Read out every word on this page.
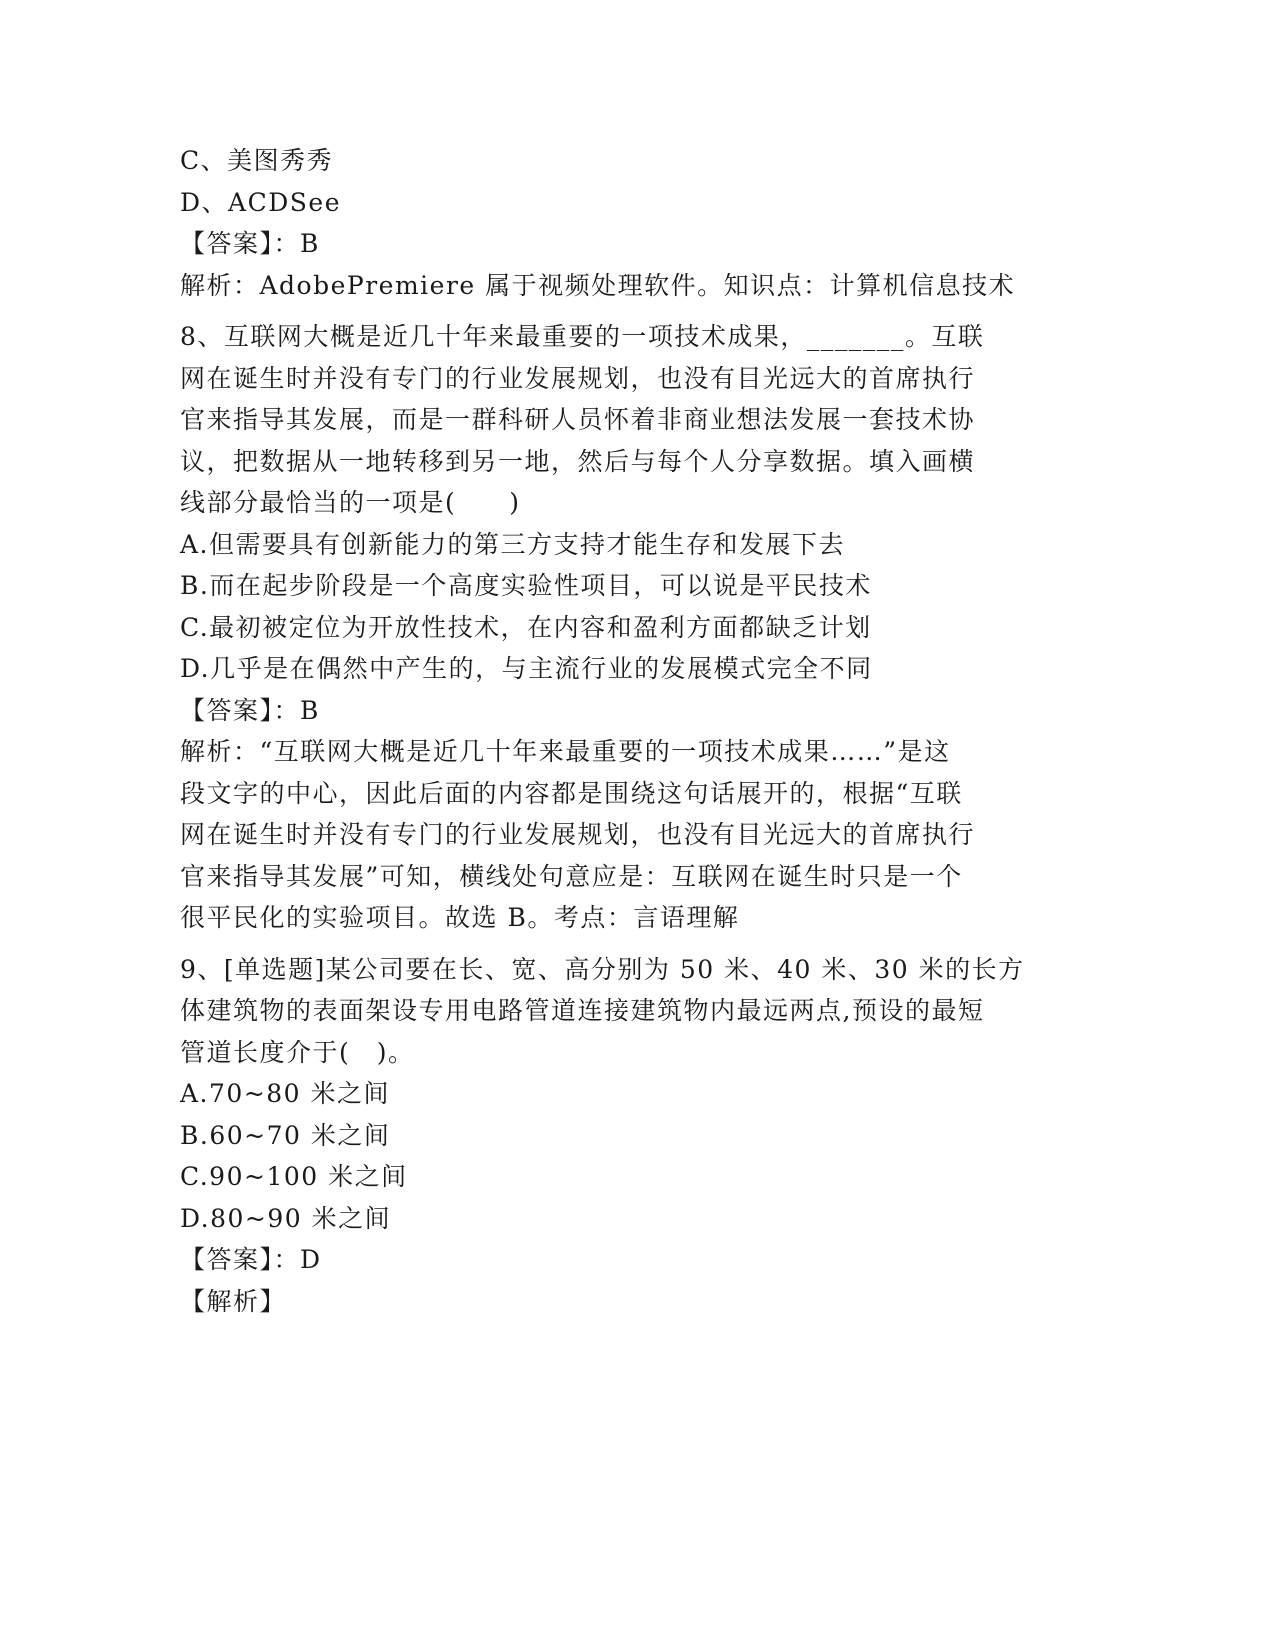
C、美图秀秀
D、ACDSee
【答案】：B
解析：AdobePremiere 属于视频处理软件。知识点：计算机信息技术
8、互联网大概是近几十年来最重要的一项技术成果，_______。互联
网在诞生时并没有专门的行业发展规划，也没有目光远大的首席执行
官来指导其发展，而是一群科研人员怀着非商业想法发展一套技术协
议，把数据从一地转移到另一地，然后与每个人分享数据。填入画横
线部分最恰当的一项是(　　)
A.但需要具有创新能力的第三方支持才能生存和发展下去
B.而在起步阶段是一个高度实验性项目，可以说是平民技术
C.最初被定位为开放性技术，在内容和盈利方面都缺乏计划
D.几乎是在偶然中产生的，与主流行业的发展模式完全不同
【答案】：B
解析：“互联网大概是近几十年来最重要的一项技术成果……”是这
段文字的中心，因此后面的内容都是围绕这句话展开的，根据“互联
网在诞生时并没有专门的行业发展规划，也没有目光远大的首席执行
官来指导其发展”可知，横线处句意应是：互联网在诞生时只是一个
很平民化的实验项目。故选 B。考点：言语理解
9、[单选题]某公司要在长、宽、高分别为 50 米、40 米、30 米的长方
体建筑物的表面架设专用电路管道连接建筑物内最远两点,预设的最短
管道长度介于(　)。
A.70~80 米之间
B.60~70 米之间
C.90~100 米之间
D.80~90 米之间
【答案】：D
【解析】
